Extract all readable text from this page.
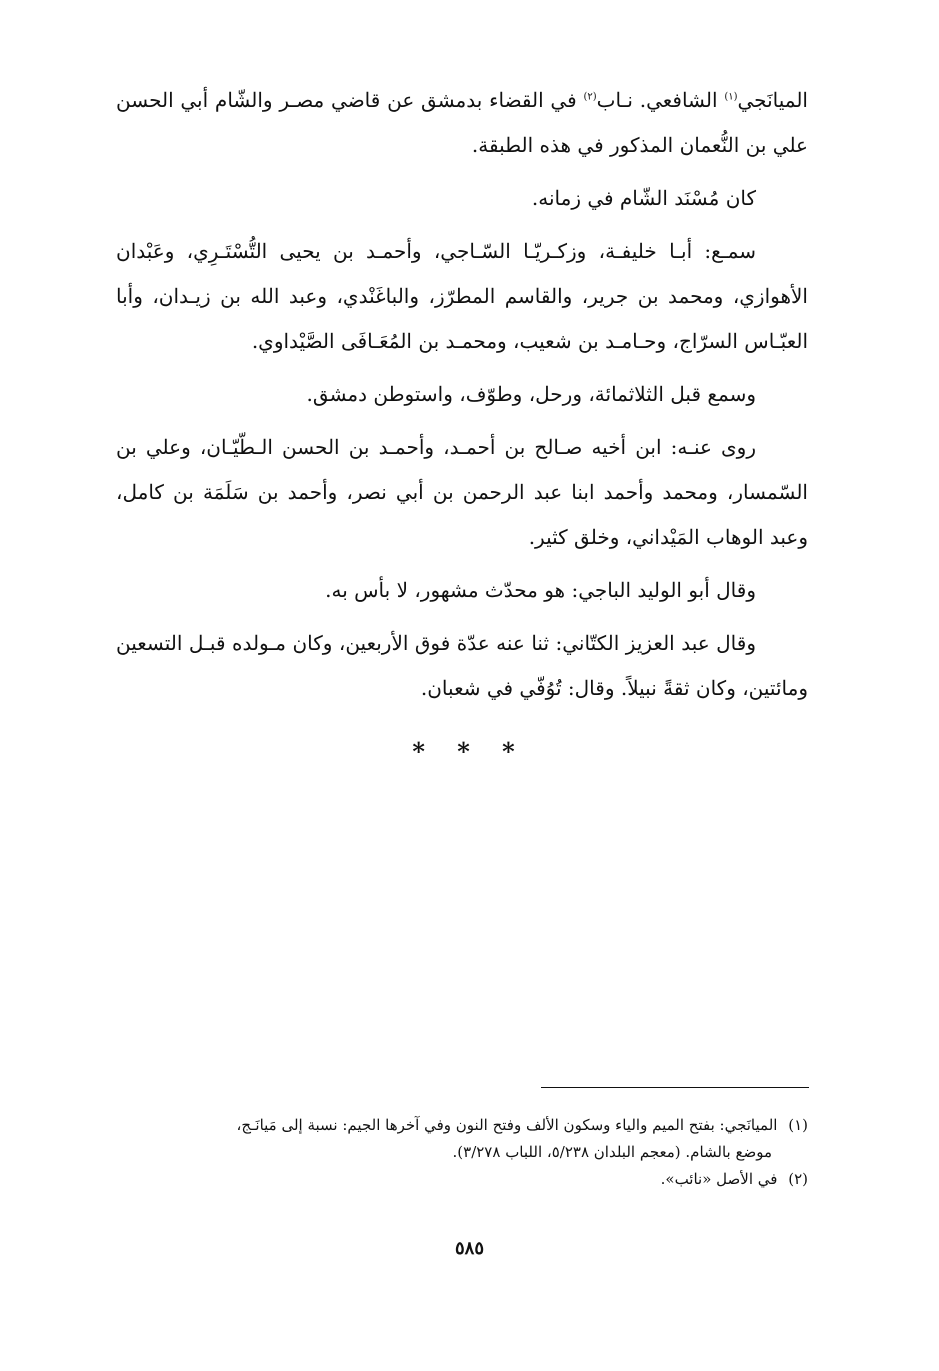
الميانَجي$^{(١)}$ الشافعي. نـاب$^{(٢)}$ في القضاء بدمشق عن قاضي مصـر والشّام أبي الحسن علي بن النُّعمان المذكور في هذه الطبقة.

كان مُسْنَد الشّام في زمانه.

سمـع: أبـا خليفـة، وزكـريّـا السّـاجي، وأحمـد بن يحيى التُّسْتَـرِي، وعَبْدان الأهوازي، ومحمد بن جرير، والقاسم المطرّز، والباغَنْدي، وعبد الله بن زيـدان، وأبا العبّـاس السرّاج، وحـامـد بن شعيب، ومحمـد بن المُعَـافَى الصَّيْداوي.

وسمع قبل الثلاثمائة، ورحل، وطوّف، واستوطن دمشق.

روى عنـه: ابن أخيه صـالح بن أحمـد، وأحمـد بن الحسن الـطّيّـان، وعلي بن السّمسار، ومحمد وأحمد ابنا عبد الرحمن بن أبي نصر، وأحمد بن سَلَمَة بن كامل، وعبد الوهاب المَيْداني، وخلق كثير.

وقال أبو الوليد الباجي: هو محدّث مشهور، لا بأس به.

وقال عبد العزيز الكتّاني: ثنا عنه عدّة فوق الأربعين، وكان مـولده قبـل التسعين ومائتين، وكان ثقةً نبيلاً. وقال: تُوُفّي في شعبان.

* * *

(١) الميانَجي: بفتح الميم والياء وسكون الألف وفتح النون وفي آخرها الجيم: نسبة إلى مَيانَـج،
موضع بالشام. (معجم البلدان ٥/٢٣٨، اللباب ٣/٢٧٨).

(٢) في الأصل «نائب».

٥٨٥
